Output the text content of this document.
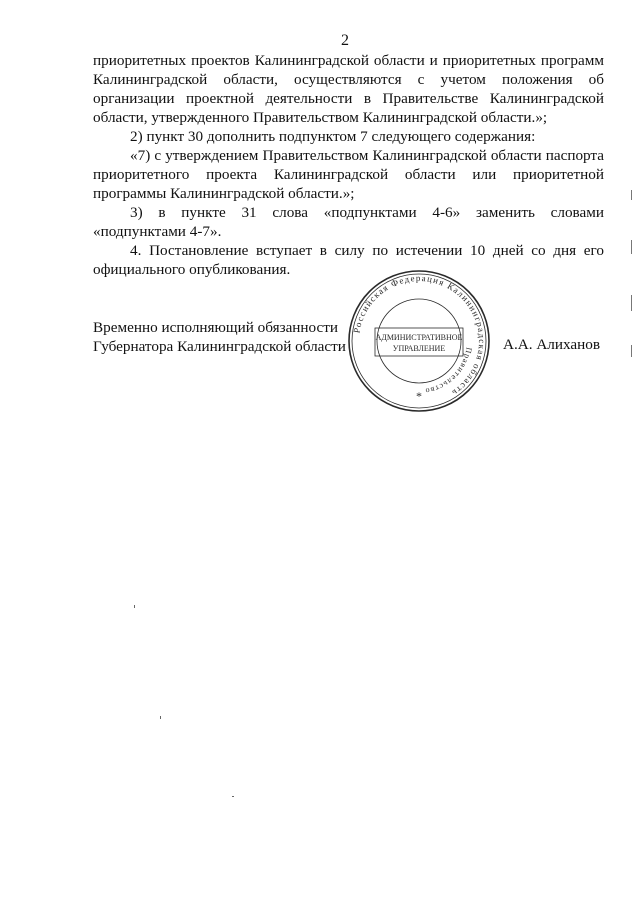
2

приоритетных проектов Калининградской области и приоритетных программ Калининградской области, осуществляются с учетом положения об организации проектной деятельности в Правительстве Калининградской области, утвержденного Правительством Калининградской области.»;

2) пункт 30 дополнить подпунктом 7 следующего содержания:

«7) с утверждением Правительством Калининградской области паспорта приоритетного проекта Калининградской области или приоритетной программы Калининградской области.»;

3) в пункте 31 слова «подпунктами 4-6» заменить словами «подпунктами 4-7».

4. Постановление вступает в силу по истечении 10 дней со дня его официального опубликования.

Временно исполняющий обязанности
Губернатора Калининградской области	А.А. Алиханов
Российская Федерация Калининградская область
Правительство
АДМИНИСТРАТИВНОЕ
УПРАВЛЕНИЕ
*
